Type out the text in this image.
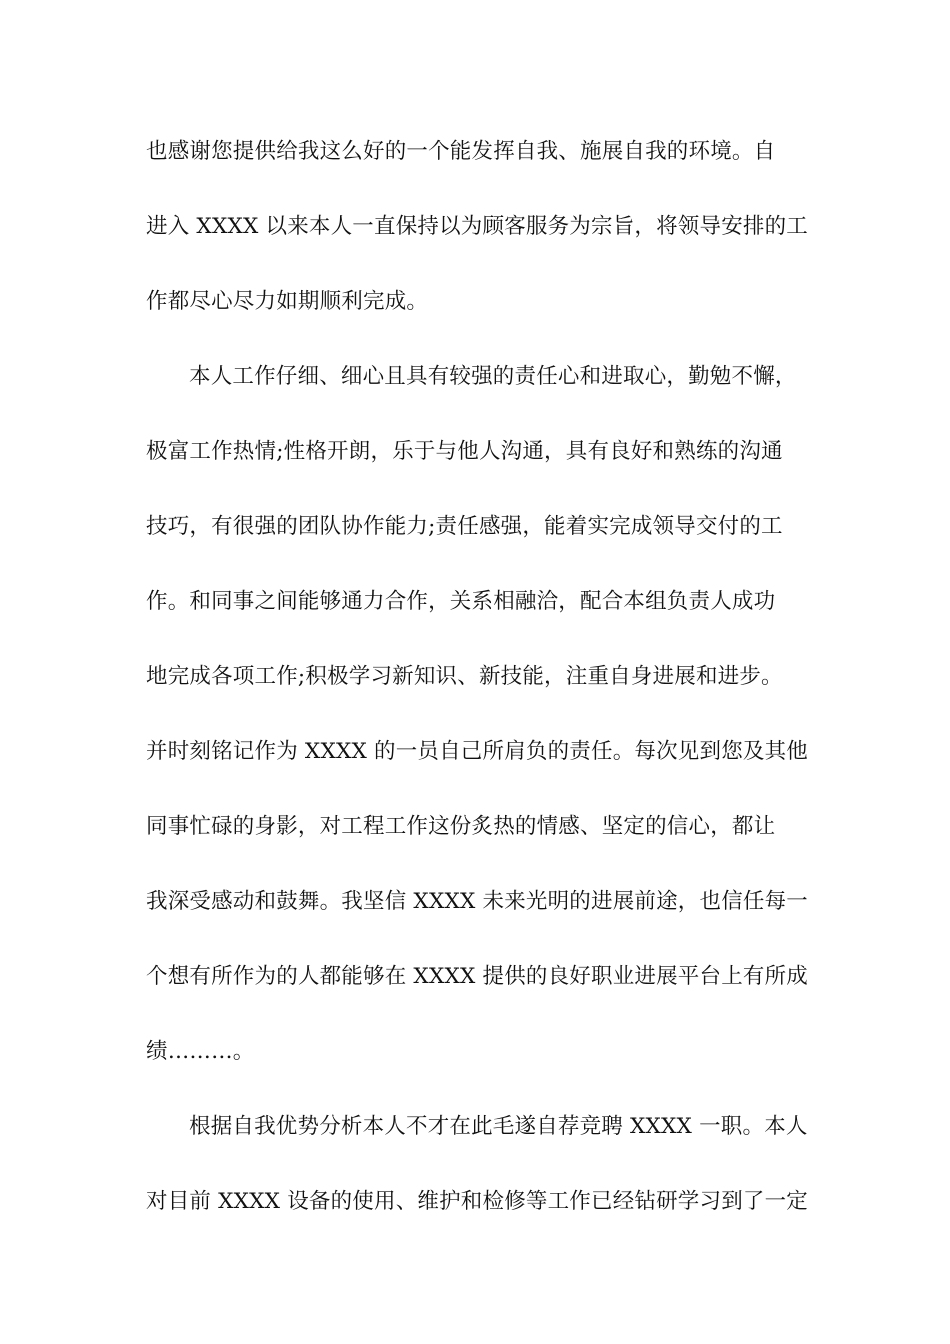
也感谢您提供给我这么好的一个能发挥自我、施展自我的环境。自
进入 XXXX 以来本人一直保持以为顾客服务为宗旨，将领导安排的工
作都尽心尽力如期顺利完成。
本人工作仔细、细心且具有较强的责任心和进取心，勤勉不懈，
极富工作热情;性格开朗，乐于与他人沟通，具有良好和熟练的沟通
技巧，有很强的团队协作能力;责任感强，能着实完成领导交付的工
作。和同事之间能够通力合作，关系相融洽，配合本组负责人成功
地完成各项工作;积极学习新知识、新技能，注重自身进展和进步。
并时刻铭记作为 XXXX 的一员自己所肩负的责任。每次见到您及其他
同事忙碌的身影，对工程工作这份炙热的情感、坚定的信心，都让
我深受感动和鼓舞。我坚信 XXXX 未来光明的进展前途，也信任每一
个想有所作为的人都能够在 XXXX 提供的良好职业进展平台上有所成
绩………。
根据自我优势分析本人不才在此毛遂自荐竞聘 XXXX 一职。本人
对目前 XXXX 设备的使用、维护和检修等工作已经钻研学习到了一定
